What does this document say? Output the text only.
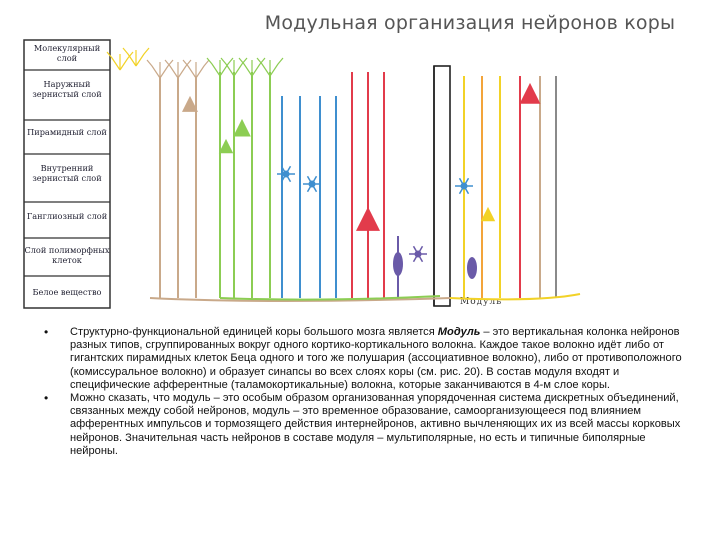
Модульная организация нейронов коры
Модуль
Молекулярный слой
Наружный зернистый слой
Пирамидный слой
Внутренний зернистый слой
Ганглиозный слой
Слой полиморфных клеток
Белое вещество
• Структурно-функциональной единицей коры большого мозга является Модуль – это вертикальная колонка нейронов разных типов, сгруппированных вокруг одного кортико-кортикального волокна. Каждое такое волокно идёт либо от гигантских пирамидных клеток Беца одного и того же полушария (ассоциативное волокно), либо от противоположного (комиссуральное волокно) и образует синапсы во всех слоях коры (см. рис. 20). В состав модуля входят и специфические афферентные (таламокортикальные) волокна, которые заканчиваются в 4-м слое коры.
• Можно сказать, что модуль – это особым образом организованная упорядоченная система дискретных объединений, связанных между собой нейронов, модуль – это временное образование, самоорганизующееся под влиянием афферентных импульсов и тормозящего действия интернейронов, активно вычленяющих их из всей массы корковых нейронов. Значительная часть нейронов в составе модуля – мультиполярные, но есть и типичные биполярные нейроны.
